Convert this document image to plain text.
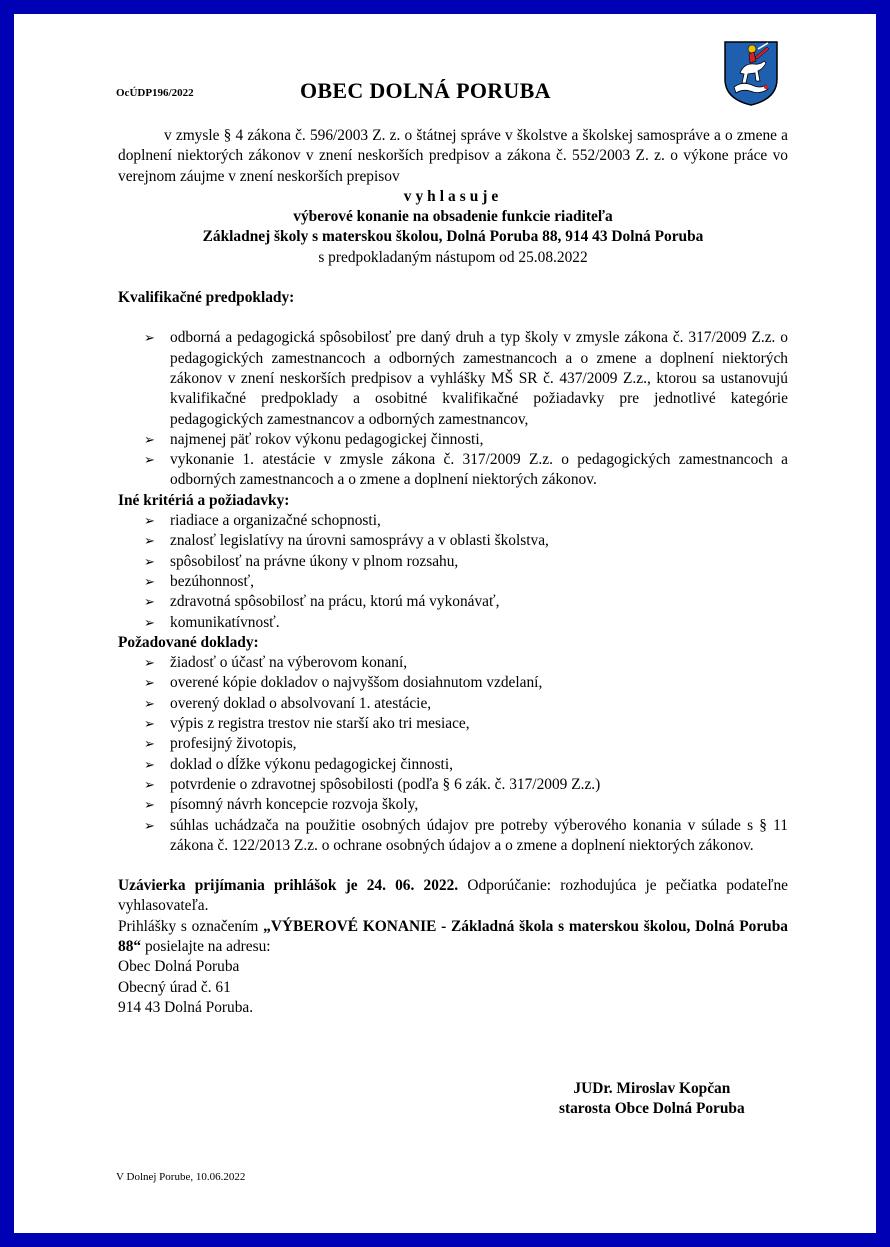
OcÚDP196/2022	OBEC DOLNÁ PORUBA
v zmysle § 4 zákona č. 596/2003 Z. z. o štátnej správe v školstve a školskej samospráve a o zmene a doplnení niektorých zákonov v znení neskorších predpisov a zákona č. 552/2003 Z. z. o výkone práce vo verejnom záujme v znení neskorších prepisov
vyhlasuje
výberové konanie na obsadenie funkcie riaditeľa
Základnej školy s materskou školou, Dolná Poruba 88, 914 43 Dolná Poruba
s predpokladaným nástupom od 25.08.2022
Kvalifikačné predpoklady:
➢ odborná a pedagogická spôsobilosť pre daný druh a typ školy v zmysle zákona č. 317/2009 Z.z. o pedagogických zamestnancoch a odborných zamestnancoch a o zmene a doplnení niektorých zákonov v znení neskorších predpisov a vyhlášky MŠ SR č. 437/2009 Z.z., ktorou sa ustanovujú kvalifikačné predpoklady a osobitné kvalifikačné požiadavky pre jednotlivé kategórie pedagogických zamestnancov a odborných zamestnancov,
➢ najmenej päť rokov výkonu pedagogickej činnosti,
➢ vykonanie 1. atestácie v zmysle zákona č. 317/2009 Z.z. o pedagogických zamestnancoch a odborných zamestnancoch a o zmene a doplnení niektorých zákonov.
Iné kritériá a požiadavky:
➢ riadiace a organizačné schopnosti,
➢ znalosť legislatívy na úrovni samosprávy a v oblasti školstva,
➢ spôsobilosť na právne úkony v plnom rozsahu,
➢ bezúhonnosť,
➢ zdravotná spôsobilosť na prácu, ktorú má vykonávať,
➢ komunikatívnosť.
Požadované doklady:
➢ žiadosť o účasť na výberovom konaní,
➢ overené kópie dokladov o najvyššom dosiahnutom vzdelaní,
➢ overený doklad o absolvovaní 1. atestácie,
➢ výpis z registra trestov nie starší ako tri mesiace,
➢ profesijný životopis,
➢ doklad o dĺžke výkonu pedagogickej činnosti,
➢ potvrdenie o zdravotnej spôsobilosti (podľa § 6 zák. č. 317/2009 Z.z.)
➢ písomný návrh koncepcie rozvoja školy,
➢ súhlas uchádzača na použitie osobných údajov pre potreby výberového konania v súlade s § 11 zákona č. 122/2013 Z.z. o ochrane osobných údajov a o zmene a doplnení niektorých zákonov.
Uzávierka prijímania prihlášok je 24. 06. 2022. Odporúčanie: rozhodujúca je pečiatka podateľne vyhlasovateľa.
Prihlášky s označením „VÝBEROVÉ KONANIE - Základná škola s materskou školou, Dolná Poruba 88“ posielajte na adresu:
Obec Dolná Poruba
Obecný úrad č. 61
914 43 Dolná Poruba.
JUDr. Miroslav Kopčan
starosta Obce Dolná Poruba
V Dolnej Porube, 10.06.2022
